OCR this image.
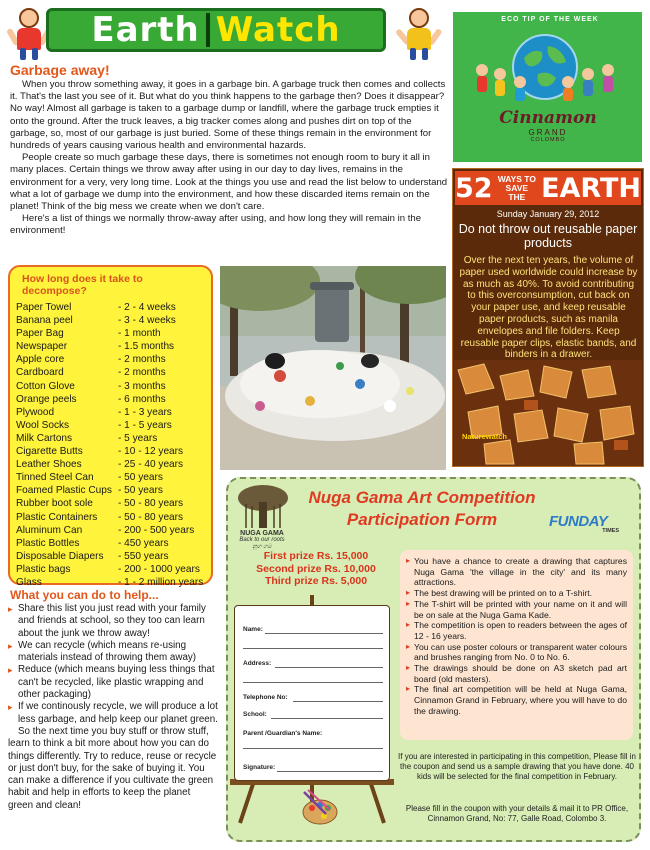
Earth Watch
Garbage away!

When you throw something away, it goes in a garbage bin. A garbage truck then comes and collects it. That's the last you see of it. But what do you think happens to the garbage then? Does it disappear? No way! Almost all garbage is taken to a garbage dump or landfill, where the garbage truck empties it onto the ground. After the truck leaves, a big tracker comes along and pushes dirt on top of the garbage, so, most of our garbage is just buried. Some of these things remain in the environment for hundreds of years causing various health and environmental hazards.

People create so much garbage these days, there is sometimes not enough room to bury it all in many places. Certain things we throw away after using in our day to day lives, remains in the environment for a very, very long time. Look at the things you use and read the list below to understand what a lot of garbage we dump into the environment, and how these discarded items remain on the planet! Think of the big mess we create when we don't care.

Here's a list of things we normally throw-away after using, and how long they will remain in the environment!

How long does it take to decompose?
Paper Towel	- 2 - 4 weeks
Banana peel	- 3 - 4 weeks
Paper Bag	- 1 month
Newspaper	- 1.5 months
Apple core	- 2 months
Cardboard	- 2 months
Cotton Glove	- 3 months
Orange peels	- 6 months
Plywood	- 1 - 3 years
Wool Socks	- 1 - 5 years
Milk Cartons	- 5 years
Cigarette Butts	- 10 - 12 years
Leather Shoes	- 25 - 40 years
Tinned Steel Can	- 50 years
Foamed Plastic Cups - 50 years
Rubber boot sole	- 50 - 80 years
Plastic Containers	- 50 - 80 years
Aluminum Can	- 200 - 500 years
Plastic Bottles	- 450 years
Disposable Diapers	- 550 years
Plastic bags	- 200 - 1000 years
Glass	- 1 - 2 million years
What you can do to help...
▸ Share this list you just read with your family and friends at school, so they too can learn about the junk we throw away!
▸ We can recycle (which means re-using materials instead of throwing them away)
▸ Reduce (which means buying less things that can't be recycled, like plastic wrapping and other packaging)
▸ If we continously recycle, we will produce a lot less garbage, and help keep our planet green.

So the next time you buy stuff or throw stuff, learn to think a bit more about how you can do things differently. Try to reduce, reuse or recycle or just don't buy, for the sake of buying it. You can make a difference if you cultivate the green habit and help in efforts to keep the planet green and clean!

ECO TIP OF THE WEEK
Cinnamon
GRAND
COLOMBO
52 WAYS TO SAVE THE EARTH
Sunday January 29, 2012
Do not throw out reusable paper products
Over the next ten years, the volume of paper used worldwide could increase by as much as 40%. To avoid contributing to this overconsumption, cut back on your paper use, and keep reusable paper products, such as manila envelopes and file folders. Keep reusable paper clips, elastic bands, and binders in a drawer.
Naturewatch
NUGA GAMA
Back to our roots
නුග ගම
Nuga Gama Art Competition
Participation Form	FUNDAY
TIMES
First prize Rs. 15,000
Second prize Rs. 10,000
Third prize Rs. 5,000
Name:
Address:
Telephone No:
School:
Parent /Guardian's Name:
Signature:
▸ You have a chance to create a drawing that captures Nuga Gama 'the village in the city' and its many attractions.
▸ The best drawing will be printed on to a T-shirt.
▸ The T-shirt will be printed with your name on it and will be on sale at the Nuga Gama Kade.
▸ The competition is open to readers between the ages of 12 - 16 years.
▸ You can use poster colours or transparent water colours and brushes ranging from No. 0 to No. 6.
▸ The drawings should be done on A3 sketch pad art board (old masters).
▸ The final art competition will be held at Nuga Gama, Cinnamon Grand in February, where you will have to do the drawing.
If you are interested in participating in this competition, Please fill in the coupon and send us a sample drawing that you have done. 40 kids will be selected for the final competition in February.
Please fill in the coupon with your details & mail it to PR Office, Cinnamon Grand, No: 77, Galle Road, Colombo 3.
